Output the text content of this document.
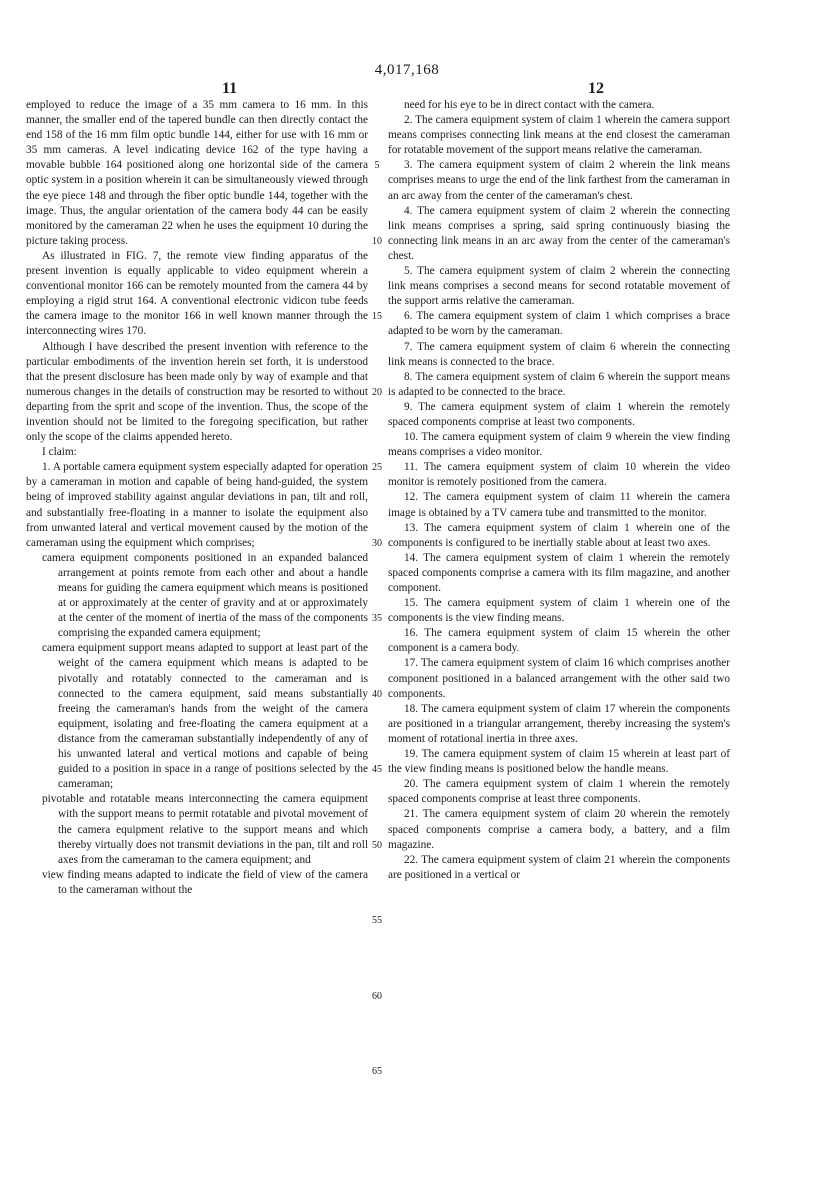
4,017,168
11	12

employed to reduce the image of a 35 mm camera to 16 mm. In this manner, the smaller end of the tapered bundle can then directly contact the end 158 of the 16 mm film optic bundle 144, either for use with 16 mm or 35 mm cameras. A level indicating device 162 of the type having a movable bubble 164 positioned along one horizontal side of the camera optic system in a position wherein it can be simultaneously viewed through the eye piece 148 and through the fiber optic bundle 144, together with the image. Thus, the angular orientation of the camera body 44 can be easily monitored by the cameraman 22 when he uses the equipment 10 during the picture taking process.

As illustrated in FIG. 7, the remote view finding apparatus of the present invention is equally applicable to video equipment wherein a conventional monitor 166 can be remotely mounted from the camera 44 by employing a rigid strut 164. A conventional electronic vidicon tube feeds the camera image to the monitor 166 in well known manner through the interconnecting wires 170.

Although I have described the present invention with reference to the particular embodiments of the invention herein set forth, it is understood that the present disclosure has been made only by way of example and that numerous changes in the details of construction may be resorted to without departing from the sprit and scope of the invention. Thus, the scope of the invention should not be limited to the foregoing specification, but rather only the scope of the claims appended hereto.

I claim:

1. A portable camera equipment system especially adapted for operation by a cameraman in motion and capable of being hand-guided, the system being of improved stability against angular deviations in pan, tilt and roll, and substantially free-floating in a manner to isolate the equipment also from unwanted lateral and vertical movement caused by the motion of the cameraman using the equipment which comprises;

camera equipment components positioned in an expanded balanced arrangement at points remote from each other and about a handle means for guiding the camera equipment which means is positioned at or approximately at the center of gravity and at or approximately at the center of the moment of inertia of the mass of the components comprising the expanded camera equipment;

camera equipment support means adapted to support at least part of the weight of the camera equipment which means is adapted to be pivotally and rotatably connected to the cameraman and is connected to the camera equipment, said means substantially freeing the cameraman's hands from the weight of the camera equipment, isolating and free-floating the camera equipment at a distance from the cameraman substantially independently of any of his unwanted lateral and vertical motions and capable of being guided to a position in space in a range of positions selected by the cameraman;

pivotable and rotatable means interconnecting the camera equipment with the support means to permit rotatable and pivotal movement of the camera equipment relative to the support means and which thereby virtually does not transmit deviations in the pan, tilt and roll axes from the cameraman to the camera equipment; and

view finding means adapted to indicate the field of view of the camera to the cameraman without the

5
10
15
20
25
30
35
40
45
50
55
60
65

need for his eye to be in direct contact with the camera.

2. The camera equipment system of claim 1 wherein the camera support means comprises connecting link means at the end closest the cameraman for rotatable movement of the support means relative the cameraman.

3. The camera equipment system of claim 2 wherein the link means comprises means to urge the end of the link farthest from the cameraman in an arc away from the center of the cameraman's chest.

4. The camera equipment system of claim 2 wherein the connecting link means comprises a spring, said spring continuously biasing the connecting link means in an arc away from the center of the cameraman's chest.

5. The camera equipment system of claim 2 wherein the connecting link means comprises a second means for second rotatable movement of the support arms relative the cameraman.

6. The camera equipment system of claim 1 which comprises a brace adapted to be worn by the cameraman.

7. The camera equipment system of claim 6 wherein the connecting link means is connected to the brace.

8. The camera equipment system of claim 6 wherein the support means is adapted to be connected to the brace.

9. The camera equipment system of claim 1 wherein the remotely spaced components comprise at least two components.

10. The camera equipment system of claim 9 wherein the view finding means comprises a video monitor.

11. The camera equipment system of claim 10 wherein the video monitor is remotely positioned from the camera.

12. The camera equipment system of claim 11 wherein the camera image is obtained by a TV camera tube and transmitted to the monitor.

13. The camera equipment system of claim 1 wherein one of the components is configured to be inertially stable about at least two axes.

14. The camera equipment system of claim 1 wherein the remotely spaced components comprise a camera with its film magazine, and another component.

15. The camera equipment system of claim 1 wherein one of the components is the view finding means.

16. The camera equipment system of claim 15 wherein the other component is a camera body.

17. The camera equipment system of claim 16 which comprises another component positioned in a balanced arrangement with the other said two components.

18. The camera equipment system of claim 17 wherein the components are positioned in a triangular arrangement, thereby increasing the system's moment of rotational inertia in three axes.

19. The camera equipment system of claim 15 wherein at least part of the view finding means is positioned below the handle means.

20. The camera equipment system of claim 1 wherein the remotely spaced components comprise at least three components.

21. The camera equipment system of claim 20 wherein the remotely spaced components comprise a camera body, a battery, and a film magazine.

22. The camera equipment system of claim 21 wherein the components are positioned in a vertical or
